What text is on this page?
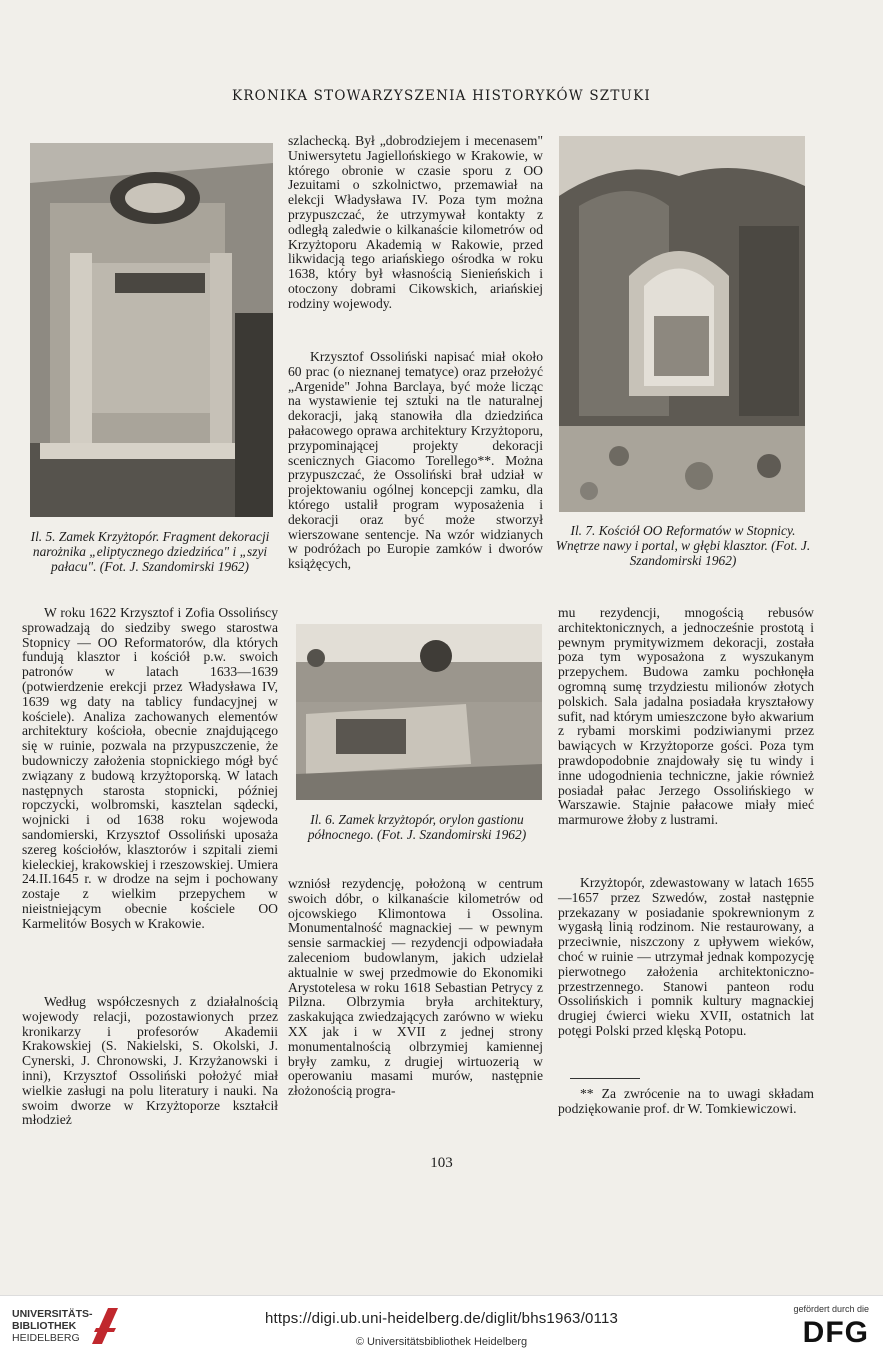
KRONIKA STOWARZYSZENIA HISTORYKÓW SZTUKI

Il. 5. Zamek Krzyżtopór. Fragment dekoracji narożnika „eliptycznego dziedzińca" i „szyi pałacu". (Fot. J. Szandomirski 1962)

Il. 6. Zamek krzyżtopór, orylon gastionu północnego. (Fot. J. Szandomirski 1962)

Il. 7. Kościół OO Reformatów w Stopnicy. Wnętrze nawy i portal, w głębi klasztor. (Fot. J. Szandomirski 1962)

W roku 1622 Krzysztof i Zofia Ossolińscy sprowadzają do siedziby swego starostwa Stopnicy — OO Reformatorów, dla których fundują klasztor i kościół p.w. swoich patronów w latach 1633—1639 (potwierdzenie erekcji przez Władysława IV, 1639 wg daty na tablicy fundacyjnej w kościele). Analiza zachowanych elementów architektury kościoła, obecnie znajdującego się w ruinie, pozwala na przypuszczenie, że budowniczy założenia stopnickiego mógł być związany z budową krzyżtoporską. W latach następnych starosta stopnicki, później ropczycki, wolbromski, kasztelan sądecki, wojnicki i od 1638 roku wojewoda sandomierski, Krzysztof Ossoliński uposaża szereg kościołów, klasztorów i szpitali ziemi kieleckiej, krakowskiej i rzeszowskiej. Umiera 24.II.1645 r. w drodze na sejm i pochowany zostaje z wielkim przepychem w nieistniejącym obecnie kościele OO Karmelitów Bosych w Krakowie.

Według współczesnych z działalnością wojewody relacji, pozostawionych przez kronikarzy i profesorów Akademii Krakowskiej (S. Nakielski, S. Okolski, J. Cynerski, J. Chronowski, J. Krzyżanowski i inni), Krzysztof Ossoliński położyć miał wielkie zasługi na polu literatury i nauki. Na swoim dworze w Krzyżtoporze kształcił młodzież

szlachecką. Był „dobrodziejem i mecenasem" Uniwersytetu Jagiellońskiego w Krakowie, w którego obronie w czasie sporu z OO Jezuitami o szkolnictwo, przemawiał na elekcji Władysława IV. Poza tym można przypuszczać, że utrzymywał kontakty z odległą zaledwie o kilkanaście kilometrów od Krzyżtoporu Akademią w Rakowie, przed likwidacją tego ariańskiego ośrodka w roku 1638, który był własnością Sienieńskich i otoczony dobrami Cikowskich, ariańskiej rodziny wojewody.

Krzysztof Ossoliński napisać miał około 60 prac (o nieznanej tematyce) oraz przełożyć „Argenide" Johna Barclaya, być może licząc na wystawienie tej sztuki na tle naturalnej dekoracji, jaką stanowiła dla dziedzińca pałacowego oprawa architektury Krzyżtoporu, przypominającej projekty dekoracji scenicznych Giacomo Torellego**. Można przypuszczać, że Ossoliński brał udział w projektowaniu ogólnej koncepcji zamku, dla którego ustalił program wyposażenia i dekoracji oraz być może stworzył wierszowane sentencje. Na wzór widzianych w podróżach po Europie zamków i dworów książęcych,

wzniósł rezydencję, położoną w centrum swoich dóbr, o kilkanaście kilometrów od ojcowskiego Klimontowa i Ossolina. Monumentalność magnackiej — w pewnym sensie sarmackiej — rezydencji odpowiadała zaleceniom budowlanym, jakich udzielał aktualnie w swej przedmowie do Ekonomiki Arystotelesa w roku 1618 Sebastian Petrycy z Pilzna. Olbrzymia bryła architektury, zaskakująca zwiedzających zarówno w wieku XX jak i w XVII z jednej strony monumentalnością olbrzymiej kamiennej bryły zamku, z drugiej wirtuozerią w operowaniu masami murów, następnie złożonością progra-

mu rezydencji, mnogością rebusów architektonicznych, a jednocześnie prostotą i pewnym prymitywizmem dekoracji, została poza tym wyposażona z wyszukanym przepychem. Budowa zamku pochłonęła ogromną sumę trzydziestu milionów złotych polskich. Sala jadalna posiadała kryształowy sufit, nad którym umieszczone było akwarium z rybami morskimi podziwianymi przez bawiących w Krzyżtoporze gości. Poza tym prawdopodobnie znajdowały się tu windy i inne udogodnienia techniczne, jakie również posiadał pałac Jerzego Ossolińskiego w Warszawie. Stajnie pałacowe miały mieć marmurowe żłoby z lustrami.

Krzyżtopór, zdewastowany w latach 1655—1657 przez Szwedów, został następnie przekazany w posiadanie spokrewnionym z wygasłą linią rodzinom. Nie restaurowany, a przeciwnie, niszczony z upływem wieków, choć w ruinie — utrzymał jednak kompozycję pierwotnego założenia architektoniczno-przestrzennego. Stanowi panteon rodu Ossolińskich i pomnik kultury magnackiej drugiej ćwierci wieku XVII, ostatnich lat potęgi Polski przed klęską Potopu.

** Za zwrócenie na to uwagi składam podziękowanie prof. dr W. Tomkiewiczowi.

103
UNIVERSITÄTS-
BIBLIOTHEK
HEIDELBERG
https://digi.ub.uni-heidelberg.de/diglit/bhs1963/0113
© Universitätsbibliothek Heidelberg
gefördert durch die
DFG
